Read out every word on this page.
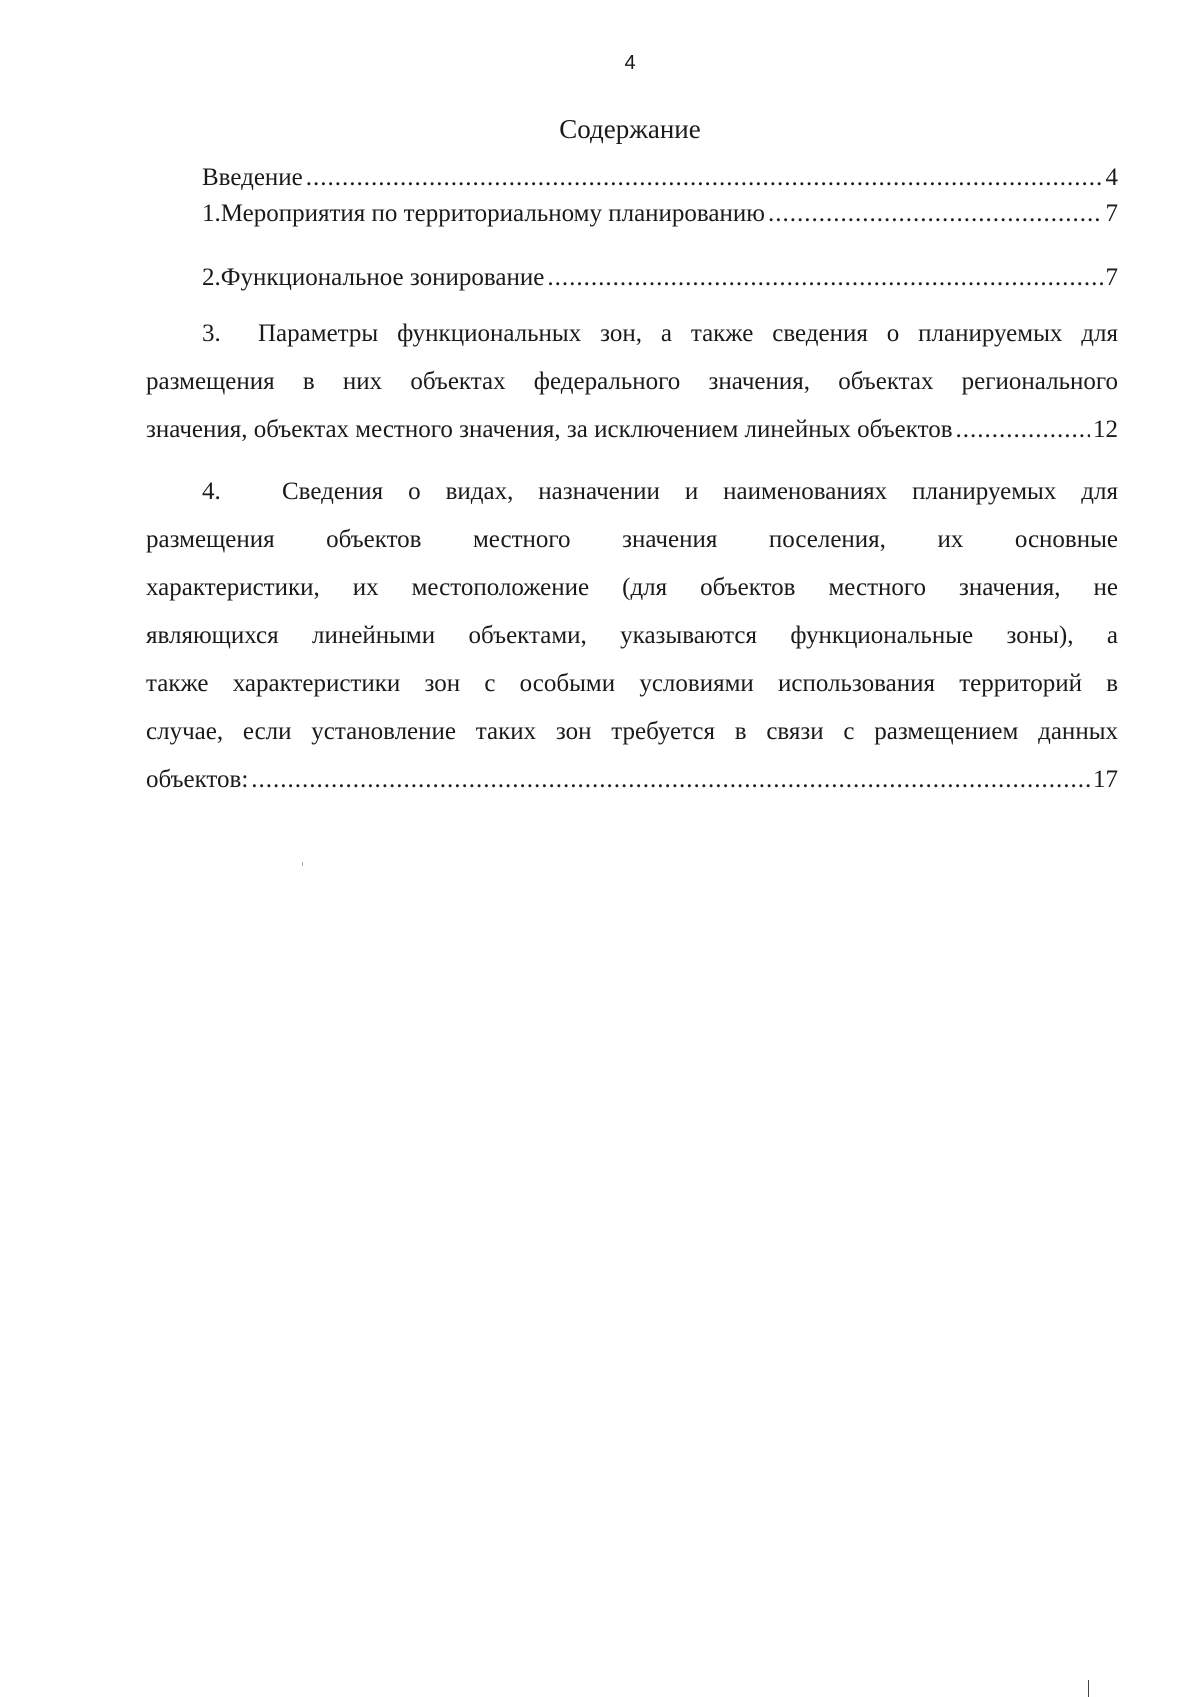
4
Содержание
Введение .....	4
1. Мероприятия по территориальному планированию .....	7
2. Функциональное зонирование .....	7
3.	Параметры функциональных зон, а также сведения о планируемых для
размещения в них объектах федерального значения, объектах регионального
значения, объектах местного значения, за исключением линейных объектов .....	12
4.	Сведения о видах, назначении и наименованиях планируемых для
размещения объектов местного значения поселения, их основные
характеристики, их местоположение (для объектов местного значения, не
являющихся линейными объектами, указываются функциональные зоны), а
также характеристики зон с особыми условиями использования территорий в
случае, если установление таких зон требуется в связи с размещением данных
объектов: .....	17
